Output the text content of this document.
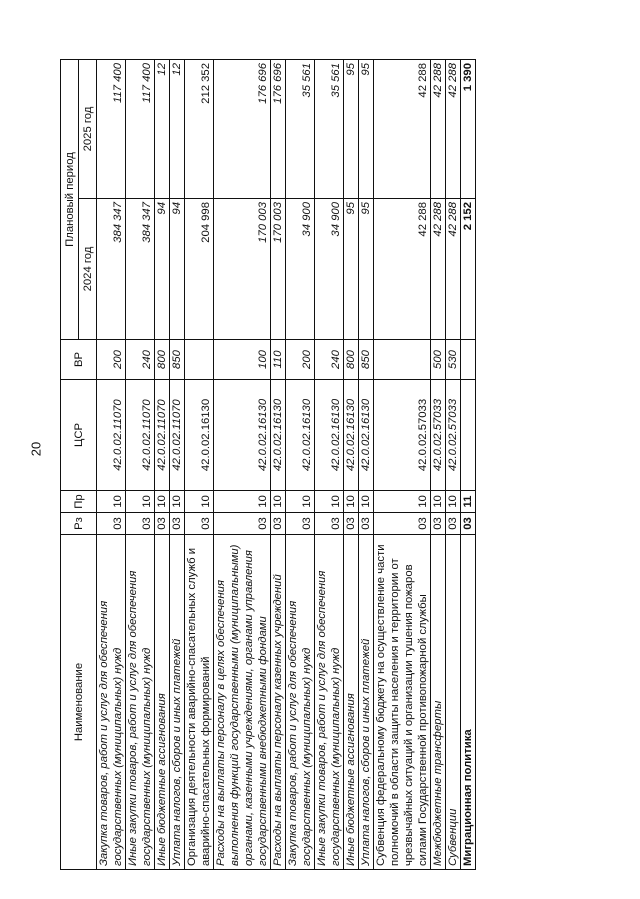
20
Наименование	Рз	Пр	ЦСР	ВР	Плановый период	
					2024 год	2025 год
Закупка товаров, работ и услуг для обеспечения государственных (муниципальных) нужд	03	10	42.0.02.11070	200	384 347	117 400
Иные закупки товаров, работ и услуг для обеспечения государственных (муниципальных) нужд	03	10	42.0.02.11070	240	384 347	117 400
Иные бюджетные ассигнования	03	10	42.0.02.11070	800	94	12
Уплата налогов, сборов и иных платежей	03	10	42.0.02.11070	850	94	12
Организация деятельности аварийно-спасательных служб и аварийно-спасательных формирований	03	10	42.0.02.16130		204 998	212 352
Расходы на выплаты персоналу в целях обеспечения выполнения функций государственными (муниципальными) органами, казенными учреждениями, органами управления государственными внебюджетными фондами	03	10	42.0.02.16130	100	170 003	176 696
Расходы на выплаты персоналу казенных учреждений	03	10	42.0.02.16130	110	170 003	176 696
Закупка товаров, работ и услуг для обеспечения государственных (муниципальных) нужд	03	10	42.0.02.16130	200	34 900	35 561
Иные закупки товаров, работ и услуг для обеспечения государственных (муниципальных) нужд	03	10	42.0.02.16130	240	34 900	35 561
Иные бюджетные ассигнования	03	10	42.0.02.16130	800	95	95
Уплата налогов, сборов и иных платежей	03	10	42.0.02.16130	850	95	95
Субвенция федеральному бюджету на осуществление части полномочий в области защиты населения и территории от чрезвычайных ситуаций и организации тушения пожаров силами Государственной противопожарной службы	03	10	42.0.02.57033		42 288	42 288
Межбюджетные трансферты	03	10	42.0.02.57033	500	42 288	42 288
Субвенции	03	10	42.0.02.57033	530	42 288	42 288
Миграционная политика	03	11			2 152	1 390
